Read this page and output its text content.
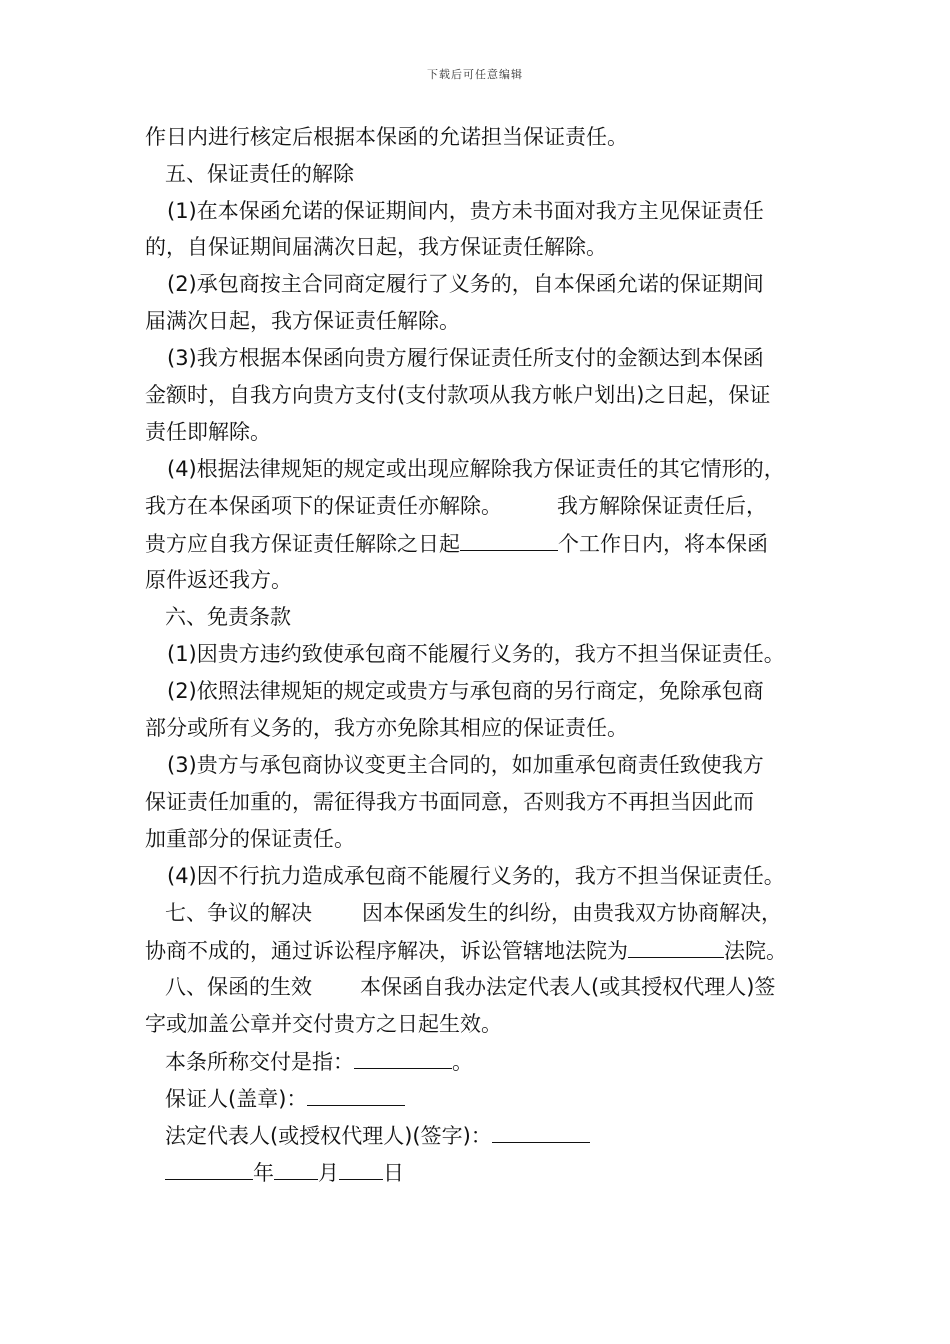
下载后可任意编辑
作日内进行核定后根据本保函的允诺担当保证责任。
五、保证责任的解除
(1)在本保函允诺的保证期间内，贵方未书面对我方主见保证责任
的，自保证期间届满次日起，我方保证责任解除。
(2)承包商按主合同商定履行了义务的，自本保函允诺的保证期间
届满次日起，我方保证责任解除。
(3)我方根据本保函向贵方履行保证责任所支付的金额达到本保函
金额时，自我方向贵方支付(支付款项从我方帐户划出)之日起，保证
责任即解除。
(4)根据法律规矩的规定或出现应解除我方保证责任的其它情形的，
我方在本保函项下的保证责任亦解除。	我方解除保证责任后，
贵方应自我方保证责任解除之日起	个工作日内，将本保函
原件返还我方。
六、免责条款
(1)因贵方违约致使承包商不能履行义务的，我方不担当保证责任。
(2)依照法律规矩的规定或贵方与承包商的另行商定，免除承包商
部分或所有义务的，我方亦免除其相应的保证责任。
(3)贵方与承包商协议变更主合同的，如加重承包商责任致使我方
保证责任加重的，需征得我方书面同意，否则我方不再担当因此而
加重部分的保证责任。
(4)因不行抗力造成承包商不能履行义务的，我方不担当保证责任。
七、争议的解决 因本保函发生的纠纷，由贵我双方协商解决，
协商不成的，通过诉讼程序解决，诉讼管辖地法院为	法院。
八、保函的生效 本保函自我办法定代表人(或其授权代理人)签
字或加盖公章并交付贵方之日起生效。
本条所称交付是指：	。
保证人(盖章)：
法定代表人(或授权代理人)(签字)：
年 月 日
